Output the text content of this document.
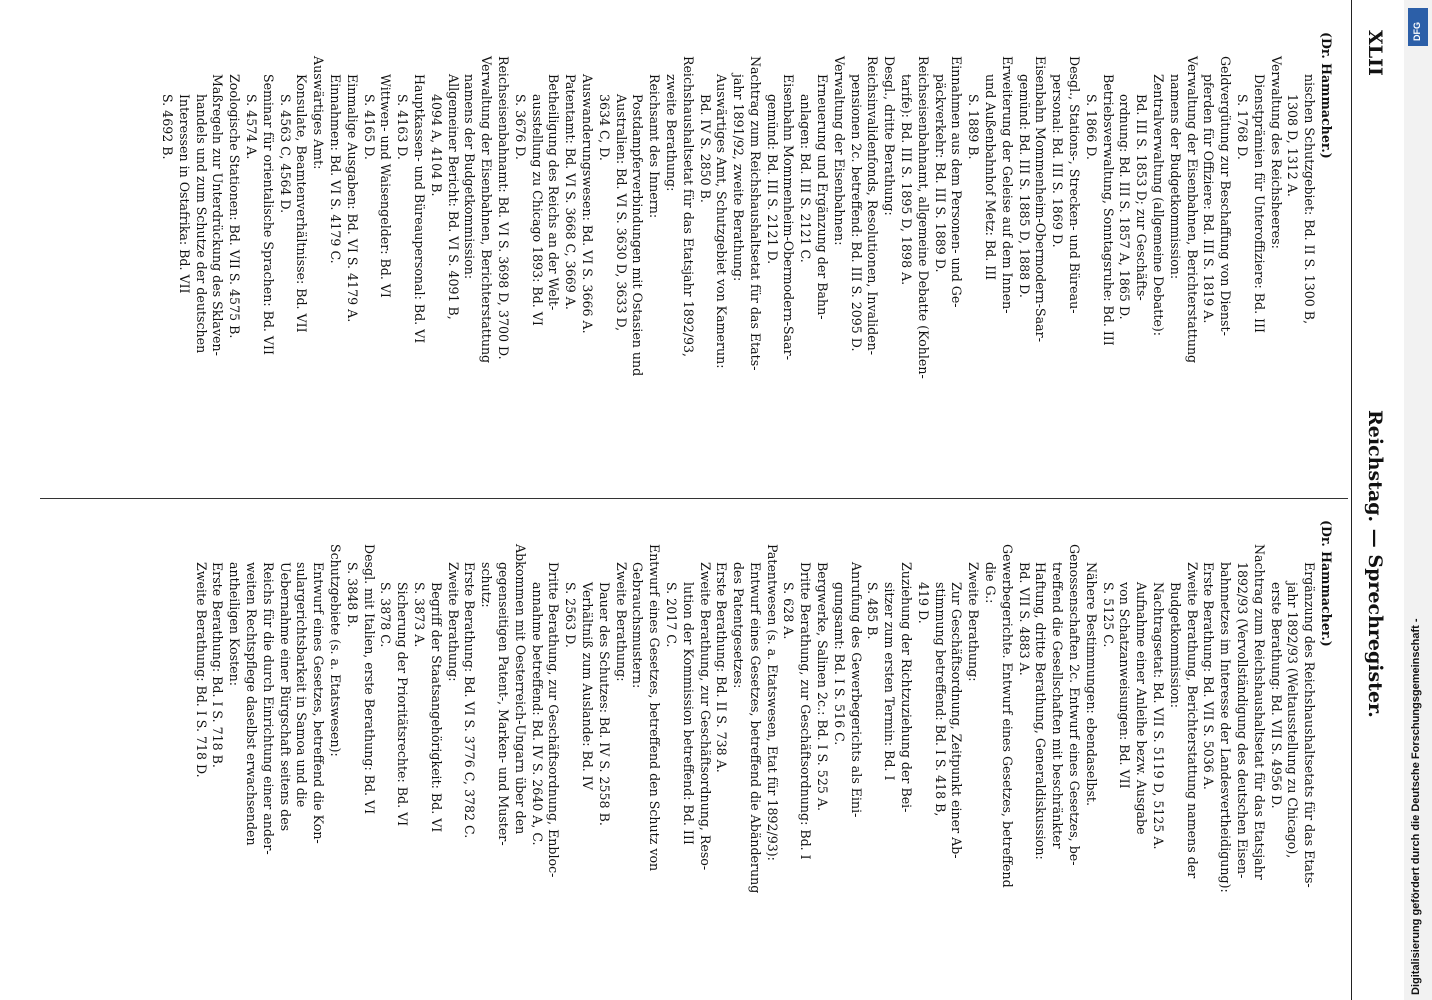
XLII
Reichstag. — Sprechregister.
(Dr. Hammacher.)
nischen Schutzgebiet: Bd. II S. 1300 B,
1308 D, 1312 A.
Verwaltung des Reichsheeres:
Dienstprämien für Unteroffiziere: Bd. III
S. 1768 D.
Geldvergütung zur Beschaffung von Dienst-
pferden für Offiziere: Bd. III S. 1819 A.
Verwaltung der Eisenbahnen, Berichterstattung
namens der Budgetkommission:
Zentralverwaltung (allgemeine Debatte):
Bd. III S. 1853 D; zur Geschäfts-
ordnung: Bd. III S. 1857 A, 1865 D.
Betriebsverwaltung, Sonntagsruhe: Bd. III
S. 1866 D.
Desgl., Stations-, Strecken- und Büreau-
personal: Bd. III S. 1869 D.
Eisenbahn Mommenheim-Obermodern-Saar-
gemünd: Bd. III S. 1885 D, 1888 D.
Erweiterung der Geleise auf dem Innen-
und Außenbahnhof Metz: Bd. III
S. 1889 B.
Einnahmen aus dem Personen- und Ge-
päckverkehr: Bd. III S. 1889 D.
Reichseisenbahnamt, allgemeine Debatte (Kohlen-
tarife): Bd. III S. 1895 D, 1898 A.
Desgl., dritte Berathung:
Reichsinvalidenfonds, Resolutionen, Invaliden-
pensionen 2c. betreffend: Bd. III S. 2095 D.
Verwaltung der Eisenbahnen:
Erneuerung und Ergänzung der Bahn-
anlagen: Bd. III S. 2121 C.
Eisenbahn Mommenheim-Obermodern-Saar-
gemünd: Bd. III S. 2121 D.
Nachtrag zum Reichshaushaltsetat für das Etats-
jahr 1891/92, zweite Berathung:
Auswärtiges Amt, Schutzgebiet von Kamerun:
Bd. IV S. 2850 B.
Reichshaushaltsetat für das Etatsjahr 1892/93,
zweite Berathung:
Reichsamt des Innern:
Postdampferverbindungen mit Ostasien und
Australien: Bd. VI S. 3630 D, 3633 D,
3634 C, D.
Auswanderungswesen: Bd. VI S. 3666 A.
Patentamt: Bd. VI S. 3668 C, 3669 A.
Betheiligung des Reichs an der Welt-
ausstellung zu Chicago 1893: Bd. VI
S. 3676 D.
Reichseisenbahnamt: Bd. VI S. 3698 D, 3700 D.
Verwaltung der Eisenbahnen, Berichterstattung
namens der Budgetkommission:
Allgemeiner Bericht: Bd. VI S. 4091 B,
4094 A, 4104 B.
Hauptkassen- und Büreaupersonal: Bd. VI
S. 4163 D.
Wittwen- und Waisengelder: Bd. VI
S. 4165 D.
Einmalige Ausgaben: Bd. VI S. 4179 A.
Einnahmen: Bd. VI S. 4179 C.
Auswärtiges Amt:
Konsulate, Beamtenverhältnisse: Bd. VII
S. 4563 C, 4564 D.
Seminar für orientalische Sprachen: Bd. VII
S. 4574 A.
Zoologische Stationen: Bd. VII S. 4575 B.
Maßregeln zur Unterdrückung des Sklaven-
handels und zum Schutze der deutschen
Interessen in Ostafrika: Bd. VII
S. 4692 B.
(Dr. Hammacher.)
Ergänzung des Reichshaushaltsetats für das Etats-
jahr 1892/93 (Weltausstellung zu Chicago),
erste Berathung: Bd. VII S. 4956 D.
Nachtrag zum Reichshaushaltsetat für das Etatsjahr
1892/93 (Vervollständigung des deutschen Eisen-
bahnnetzes im Interesse der Landesvertheidigung):
Erste Berathung: Bd. VII S. 5036 A.
Zweite Berathung, Berichterstattung namens der
Budgetkommission:
Nachtragsetat: Bd. VII S. 5119 D, 5125 A.
Aufnahme einer Anleihe bezw. Ausgabe
von Schatzanweisungen: Bd. VII
S. 5125 C.
Nähere Bestimmungen: ebendaselbst.
Genossenschaften 2c. Entwurf eines Gesetzes, be-
treffend die Gesellschaften mit beschränkter
Haftung, dritte Berathung, Generaldiskussion:
Bd. VII S. 4883 A.
Gewerbegerichte. Entwurf eines Gesetzes, betreffend
die G.:
Zweite Berathung:
Zur Geschäftsordnung, Zeitpunkt einer Ab-
stimmung betreffend: Bd. I S. 418 B,
419 D.
Zuziehung der Richtzuziehung der Bei-
sitzer zum ersten Termin: Bd. I
S. 485 B.
Anrufung des Gewerbegerichts als Eini-
gungsamt: Bd. I S. 516 C.
Bergwerke, Salinen 2c.: Bd. I S. 525 A.
Dritte Berathung, zur Geschäftsordnung: Bd. I
S. 628 A.
Patentwesen (s. a. Etatswesen, Etat für 1892/93):
Entwurf eines Gesetzes, betreffend die Abänderung
des Patentgesetzes:
Erste Berathung: Bd. II S. 738 A.
Zweite Berathung, zur Geschäftsordnung, Reso-
lution der Kommission betreffend: Bd. III
S. 2017 C.
Entwurf eines Gesetzes, betreffend den Schutz von
Gebrauchsmustern:
Zweite Berathung:
Dauer des Schutzes: Bd. IV S. 2558 B.
Verhältniß zum Auslande: Bd. IV
S. 2563 D.
Dritte Berathung, zur Geschäftsordnung, Enbloc-
annahme betreffend: Bd. IV S. 2640 A, C.
Abkommen mit Oesterreich-Ungarn über den
gegenseitigen Patent-, Marken- und Muster-
schutz:
Erste Berathung: Bd. VI S. 3776 C, 3782 C.
Zweite Berathung:
Begriff der Staatsangehörigkeit: Bd. VI
S. 3873 A.
Sicherung der Prioritätsrechte: Bd. VI
S. 3878 C.
Desgl. mit Italien, erste Berathung: Bd. VI
S. 3848 B.
Schutzgebiete (s. a. Etatswesen):
Entwurf eines Gesetzes, betreffend die Kon-
sulargerichtsbarkeit in Samoa und die
Uebernahme einer Bürgschaft seitens des
Reichs für die durch Einrichtung einer ander-
weiten Rechtspflege daselbst erwachsenden
antheiligen Kosten:
Erste Berathung: Bd. I S. 718 B.
Zweite Berathung: Bd. I S. 718 D.
DFG
Digitalisierung gefördert durch die Deutsche Forschungsgemeinschaft -
